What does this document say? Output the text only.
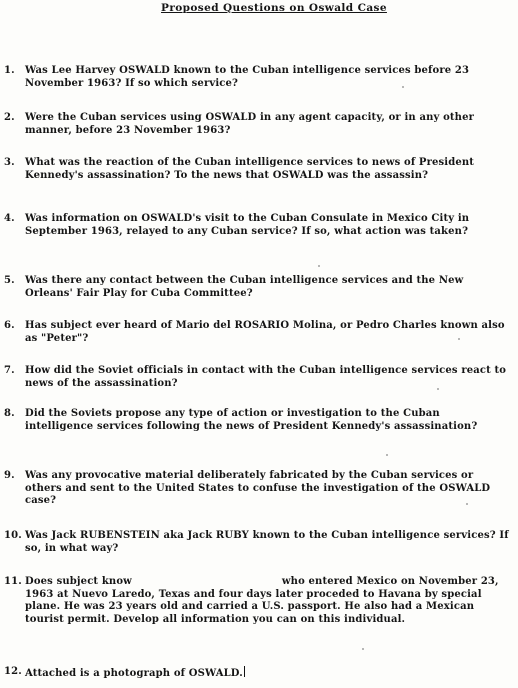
Proposed Questions on Oswald Case
1. Was Lee Harvey OSWALD known to the Cuban intelligence services before 23 November 1963? If so which service?
2. Were the Cuban services using OSWALD in any agent capacity, or in any other manner, before 23 November 1963?
3. What was the reaction of the Cuban intelligence services to news of President Kennedy's assassination? To the news that OSWALD was the assassin?
4. Was information on OSWALD's visit to the Cuban Consulate in Mexico City in September 1963, relayed to any Cuban service? If so, what action was taken?
5. Was there any contact between the Cuban intelligence services and the New Orleans' Fair Play for Cuba Committee?
6. Has subject ever heard of Mario del ROSARIO Molina, or Pedro Charles known also as "Peter"?
7. How did the Soviet officials in contact with the Cuban intelligence services react to news of the assassination?
8. Did the Soviets propose any type of action or investigation to the Cuban intelligence services following the news of President Kennedy's assassination?
9. Was any provocative material deliberately fabricated by the Cuban services or others and sent to the United States to confuse the investigation of the OSWALD case?
10. Was Jack RUBENSTEIN aka Jack RUBY known to the Cuban intelligence services? If so, in what way?
11. Does subject know	who entered Mexico on November 23, 1963 at Nuevo Laredo, Texas and four days later proceded to Havana by special plane. He was 23 years old and carried a U.S. passport. He also had a Mexican tourist permit. Develop all information you can on this individual.
12. Attached is a photograph of OSWALD.
